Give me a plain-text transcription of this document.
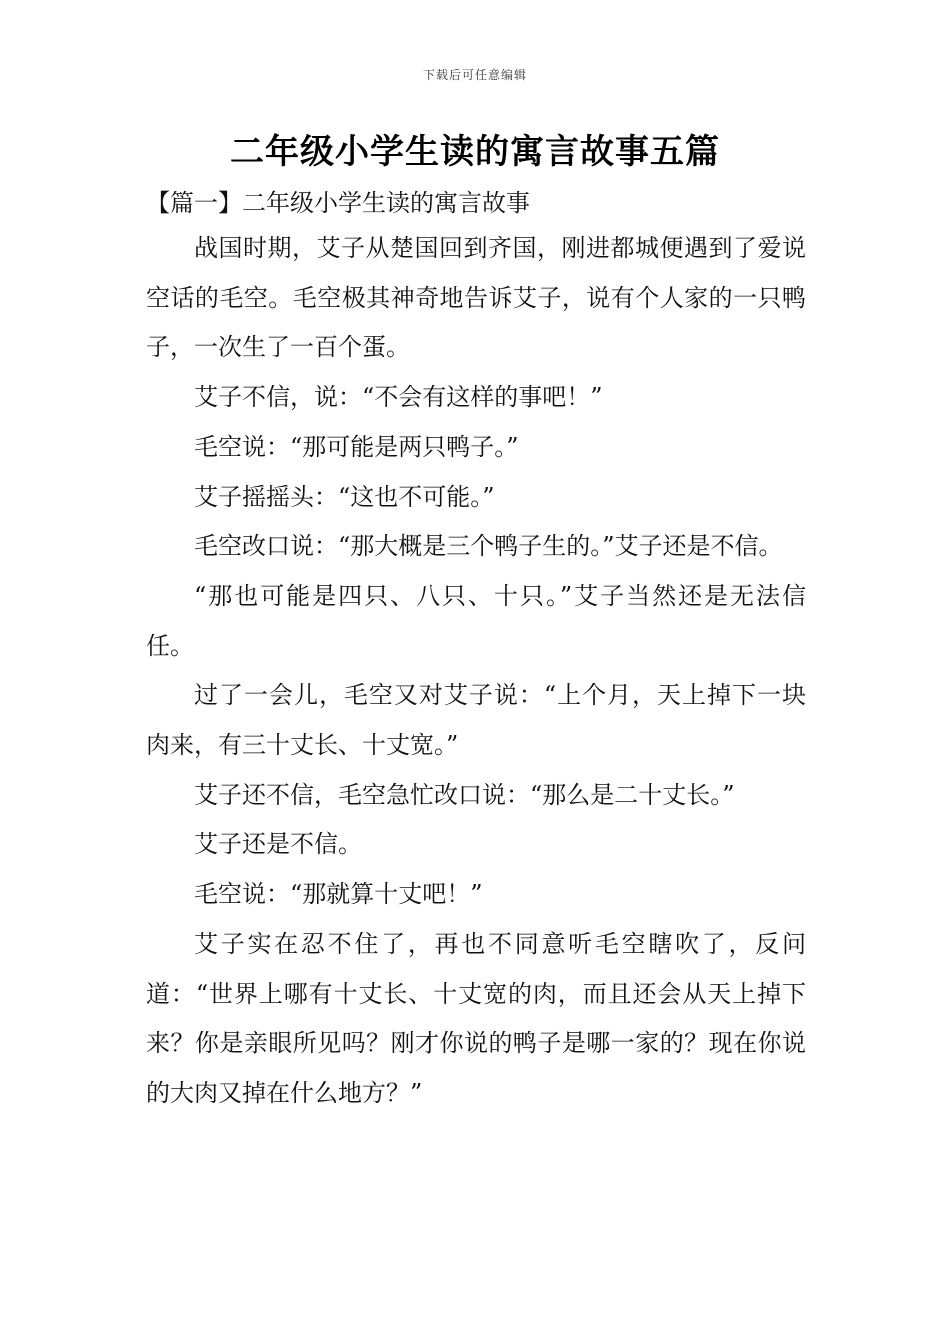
下载后可任意编辑
二年级小学生读的寓言故事五篇
【篇一】二年级小学生读的寓言故事

战国时期，艾子从楚国回到齐国，刚进都城便遇到了爱说空话的毛空。毛空极其神奇地告诉艾子，说有个人家的一只鸭子，一次生了一百个蛋。

艾子不信，说：“不会有这样的事吧！”

毛空说：“那可能是两只鸭子。”

艾子摇摇头：“这也不可能。”

毛空改口说：“那大概是三个鸭子生的。”艾子还是不信。

“那也可能是四只、八只、十只。”艾子当然还是无法信任。

过了一会儿，毛空又对艾子说：“上个月，天上掉下一块肉来，有三十丈长、十丈宽。”

艾子还不信，毛空急忙改口说：“那么是二十丈长。”

艾子还是不信。

毛空说：“那就算十丈吧！”

艾子实在忍不住了，再也不同意听毛空瞎吹了，反问道：“世界上哪有十丈长、十丈宽的肉，而且还会从天上掉下来？你是亲眼所见吗？刚才你说的鸭子是哪一家的？现在你说的大肉又掉在什么地方？”
